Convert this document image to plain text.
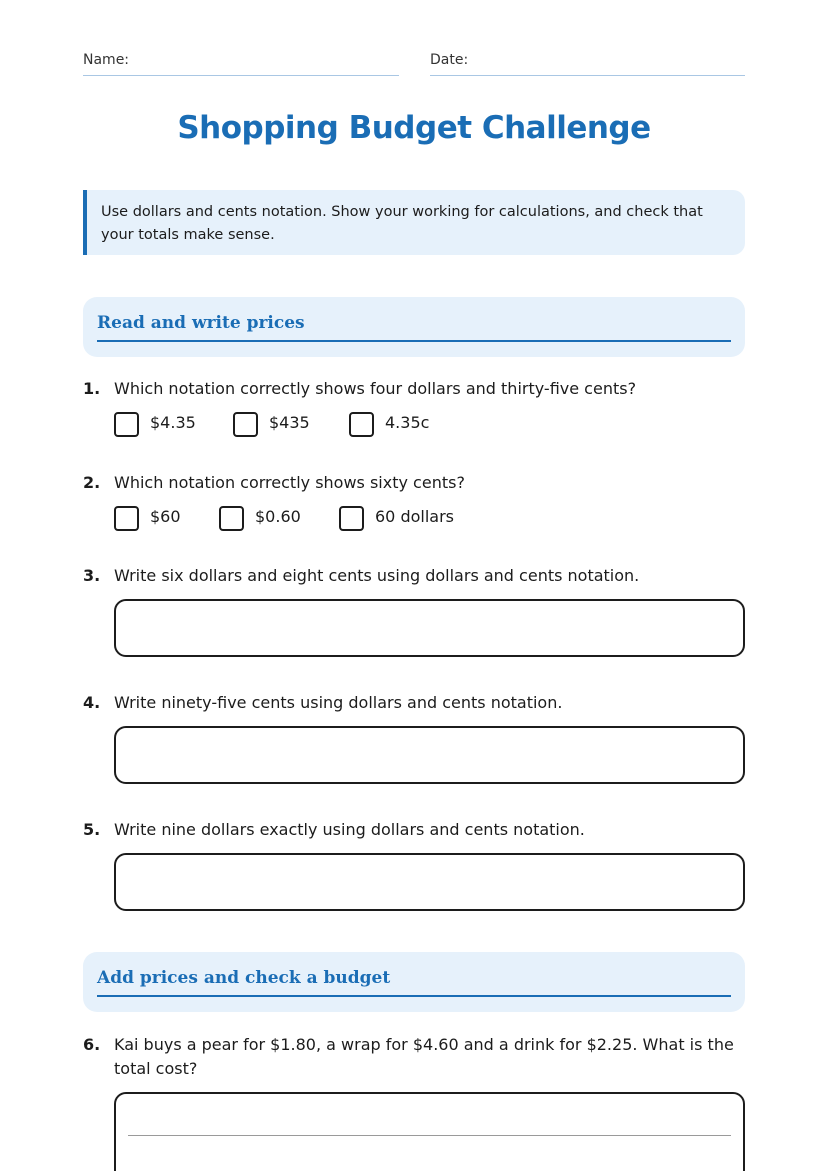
Name:	Date:
Shopping Budget Challenge
Use dollars and cents notation. Show your working for calculations, and check that your totals make sense.
Read and write prices
1. Which notation correctly shows four dollars and thirty-five cents?
$4.35	$435	4.35c
2. Which notation correctly shows sixty cents?
$60	$0.60	60 dollars
3. Write six dollars and eight cents using dollars and cents notation.
4. Write ninety-five cents using dollars and cents notation.
5. Write nine dollars exactly using dollars and cents notation.
Add prices and check a budget
6. Kai buys a pear for $1.80, a wrap for $4.60 and a drink for $2.25. What is the total cost?
